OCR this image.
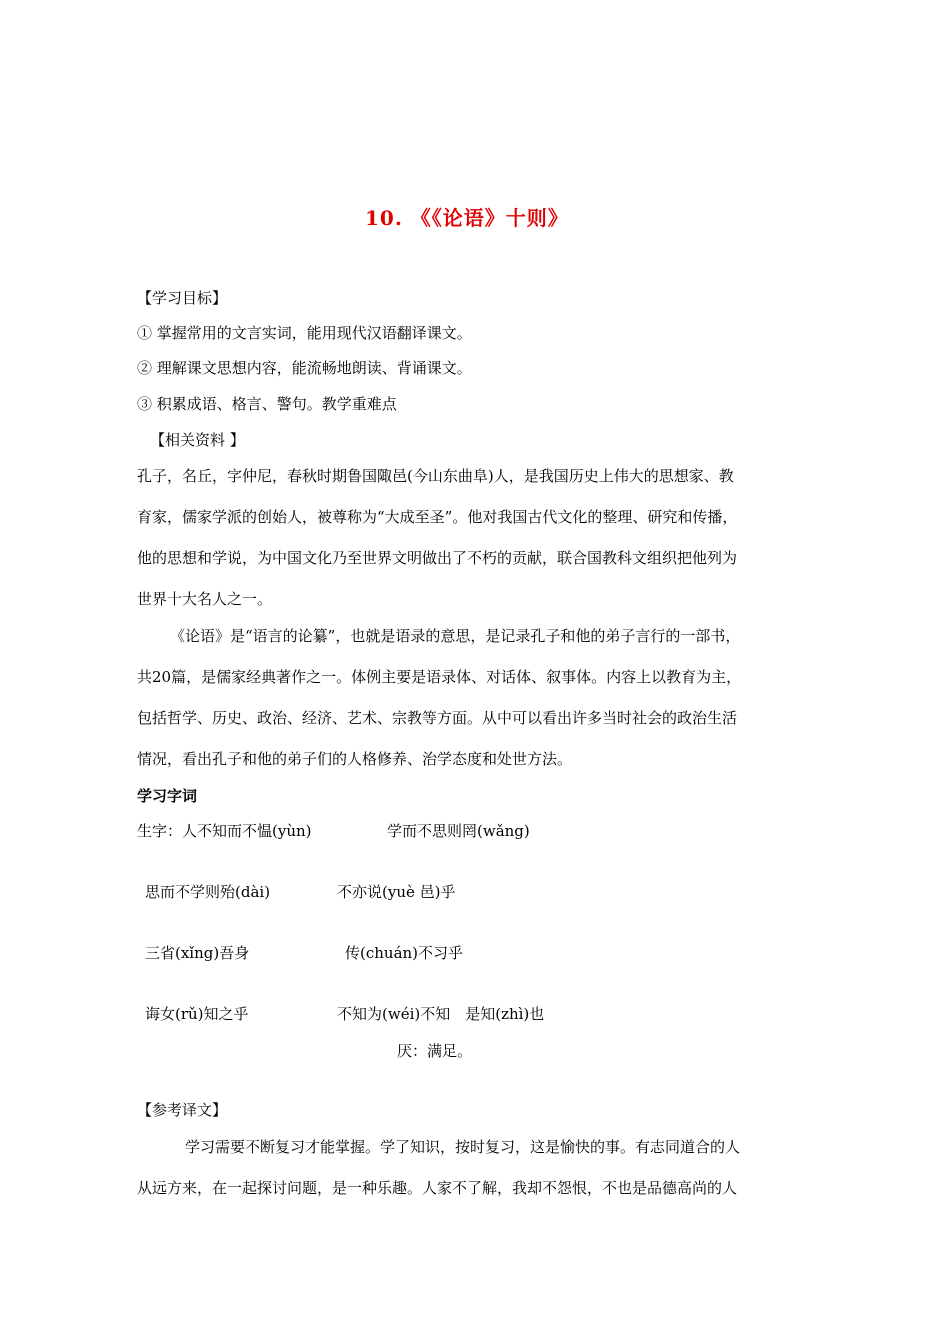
10. 《《论语》十则》
【学习目标】
① 掌握常用的文言实词，能用现代汉语翻译课文。
② 理解课文思想内容，能流畅地朗读、背诵课文。
③ 积累成语、格言、警句。教学重难点
【相关资料 】
孔子，名丘，字仲尼，春秋时期鲁国陬邑(今山东曲阜)人，是我国历史上伟大的思想家、教
育家，儒家学派的创始人，被尊称为“大成至圣”。他对我国古代文化的整理、研究和传播，
他的思想和学说，为中国文化乃至世界文明做出了不朽的贡献，联合国教科文组织把他列为
世界十大名人之一。
《论语》是“语言的论纂”，也就是语录的意思，是记录孔子和他的弟子言行的一部书，
共20篇，是儒家经典著作之一。体例主要是语录体、对话体、叙事体。内容上以教育为主，
包括哲学、历史、政治、经济、艺术、宗教等方面。从中可以看出许多当时社会的政治生活
情况，看出孔子和他的弟子们的人格修养、治学态度和处世方法。
学习字词
生字：人不知而不愠(yùn)	学而不思则罔(wǎng)
思而不学则殆(dài)	不亦说(yuè 邑)乎
三省(xǐng)吾身	传(chuán)不习乎
诲女(rǔ)知之乎	不知为(wéi)不知　是知(zhì)也
厌：满足。
【参考译文】
学习需要不断复习才能掌握。学了知识，按时复习，这是愉快的事。有志同道合的人
从远方来，在一起探讨问题，是一种乐趣。人家不了解，我却不怨恨，不也是品德高尚的人
